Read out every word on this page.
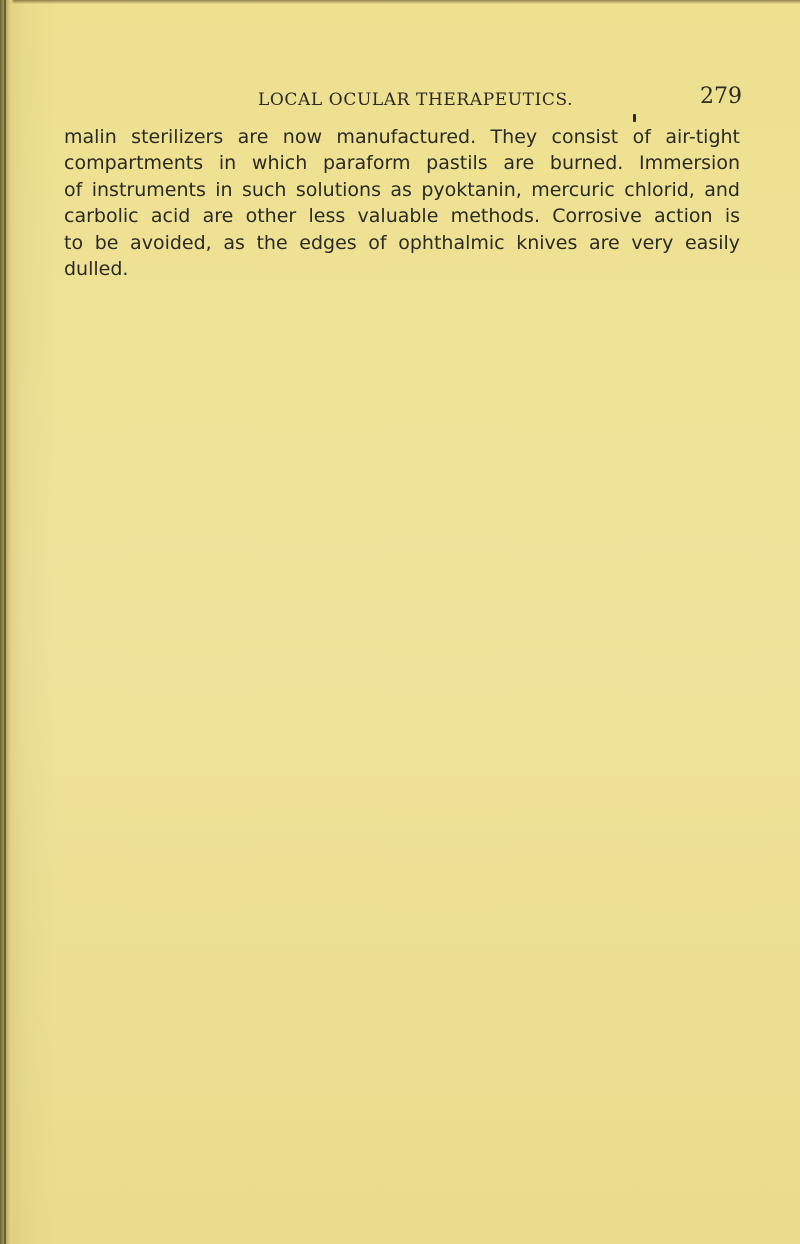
LOCAL OCULAR THERAPEUTICS.	279
malin sterilizers are now manufactured. They consist of air-tight
compartments in which paraform pastils are burned. Immersion
of instruments in such solutions as pyoktanin, mercuric chlorid, and
carbolic acid are other less valuable methods. Corrosive action is
to be avoided, as the edges of ophthalmic knives are very easily
dulled.
